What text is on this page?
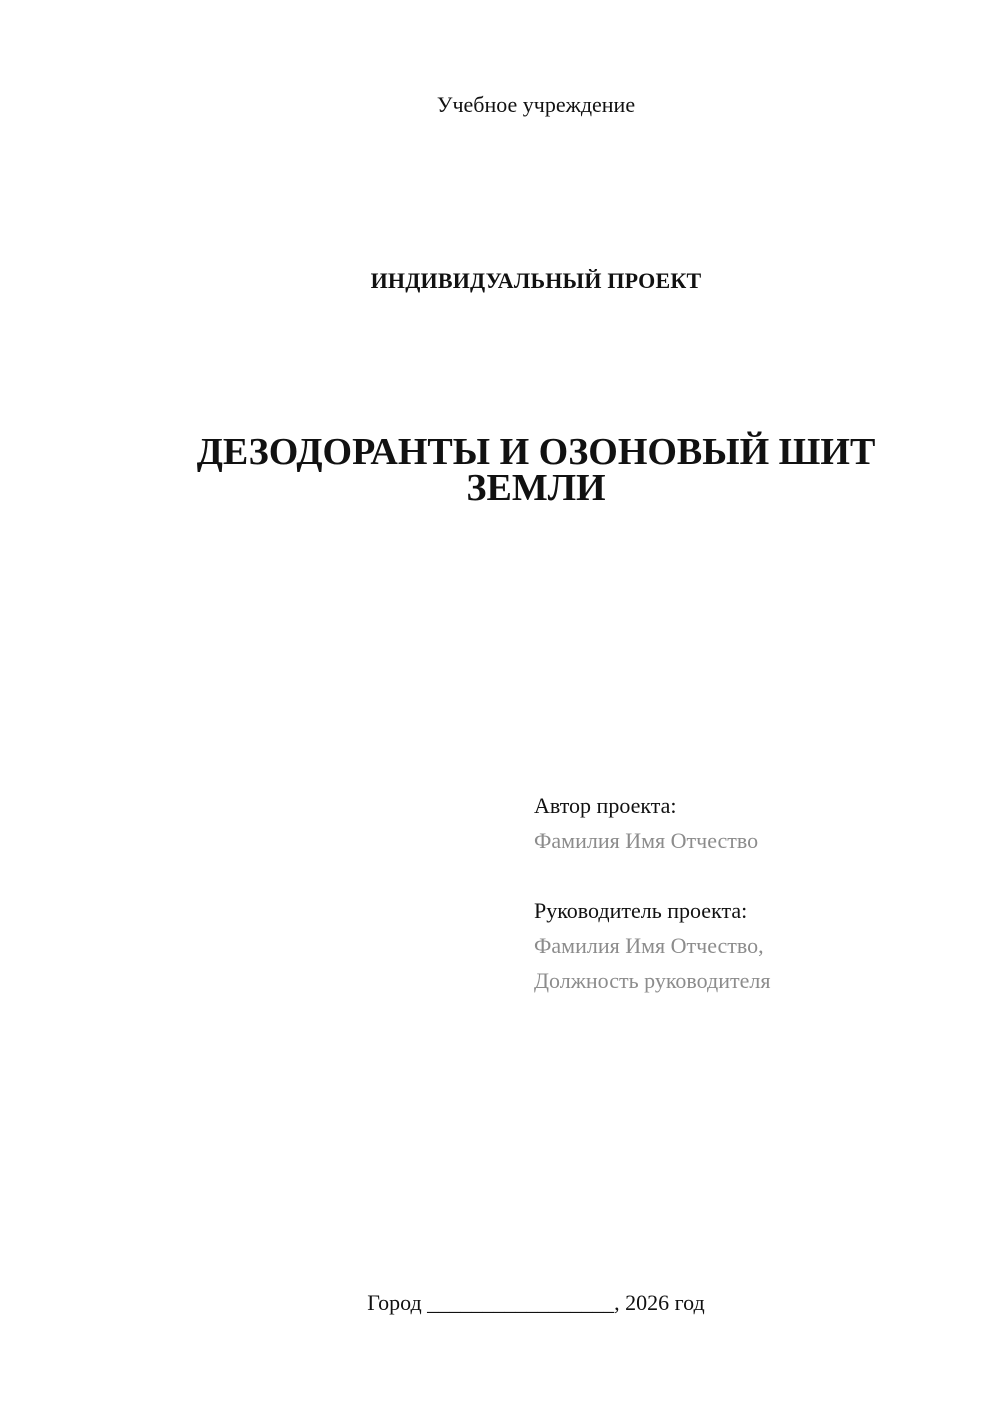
Учебное учреждение
ИНДИВИДУАЛЬНЫЙ ПРОЕКТ
ДЕЗОДОРАНТЫ И ОЗОНОВЫЙ ШИТ
ЗЕМЛИ
Автор проекта:
Фамилия Имя Отчество
Руководитель проекта:
Фамилия Имя Отчество,
Должность руководителя
Город _________________, 2026 год
